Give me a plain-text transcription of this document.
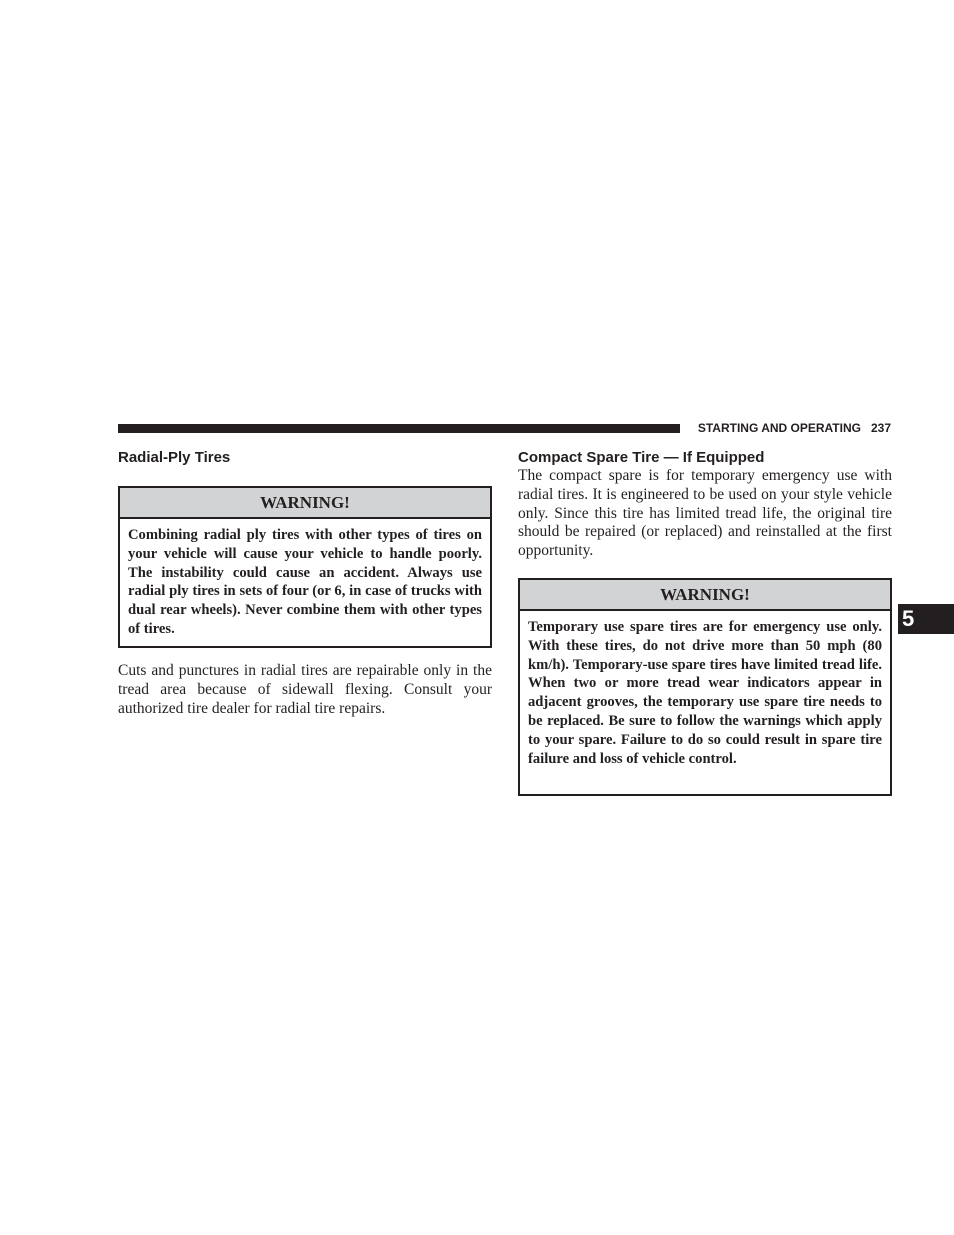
STARTING AND OPERATING 237
Radial-Ply Tires
WARNING!
Combining radial ply tires with other types of tires on your vehicle will cause your vehicle to handle poorly. The instability could cause an accident. Always use radial ply tires in sets of four (or 6, in case of trucks with dual rear wheels). Never combine them with other types of tires.

Cuts and punctures in radial tires are repairable only in the tread area because of sidewall flexing. Consult your authorized tire dealer for radial tire repairs.

Compact Spare Tire — If Equipped

The compact spare is for temporary emergency use with radial tires. It is engineered to be used on your style vehicle only. Since this tire has limited tread life, the original tire should be repaired (or replaced) and reinstalled at the first opportunity.

WARNING!
Temporary use spare tires are for emergency use only. With these tires, do not drive more than 50 mph (80 km/h). Temporary-use spare tires have limited tread life. When two or more tread wear indicators appear in adjacent grooves, the temporary use spare tire needs to be replaced. Be sure to follow the warnings which apply to your spare. Failure to do so could result in spare tire failure and loss of vehicle control.
5
